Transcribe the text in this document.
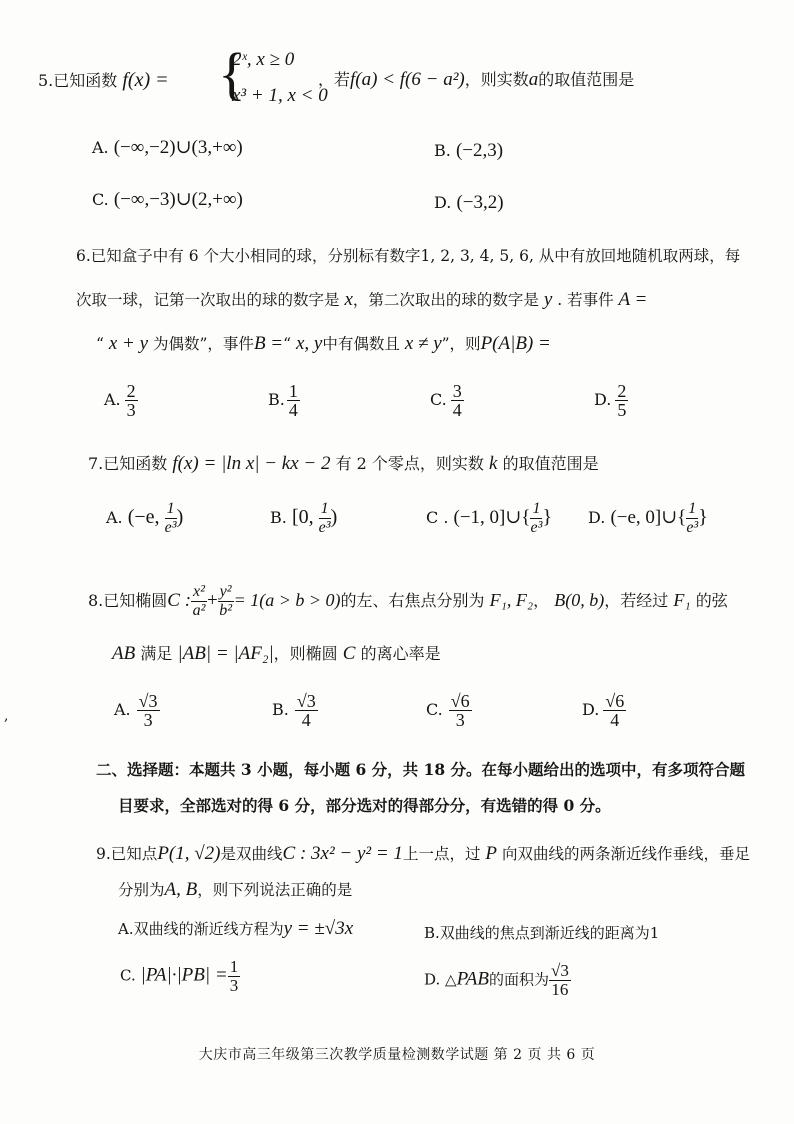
5.已知函数 f(x) = {
2ˣ, x ≥ 0
x³ + 1, x < 0
，若f(a) < f(6 − a²)，则实数a的取值范围是
A. (−∞,−2)∪(3,+∞)	B. (−2,3)
C. (−∞,−3)∪(2,+∞)	D. (−3,2)
6.已知盒子中有 6 个大小相同的球，分别标有数字1, 2, 3, 4, 5, 6, 从中有放回地随机取两球，每
次取一球，记第一次取出的球的数字是 x，第二次取出的球的数字是 y . 若事件 A =
“ x + y 为偶数”，事件B =“ x, y中有偶数且 x ≠ y”，则P(A|B) =
A. $\frac{2}{3}$	B. $\frac{1}{4}$	C. $\frac{3}{4}$	D. $\frac{2}{5}$
7.已知函数 f(x) = |ln x| − kx − 2 有 2 个零点，则实数 k 的取值范围是
A. (−e, $\frac{1}{\text{e³}}$ )	B. [0, $\frac{1}{\text{e³}}$ )	C . (−1, 0]∪{ $\frac{1}{\text{e³}}$ } D. (−e, 0]∪{ $\frac{1}{\text{e³}}$ }
8.已知椭圆C : $\frac{\text{x²}}{\text{a²}} + \frac{\text{y²}}{\text{b²}} = 1(a > b > 0)$的左、右焦点分别为 F₁, F₂， B(0, b)，若经过 F₁ 的弦
AB 满足 |AB| = |AF₂|，则椭圆 C 的离心率是
A. $\frac{√3}{3}$	B. $\frac{√3}{4}$	C. $\frac{√6}{3}$	D. $\frac{√6}{4}$
,
二、选择题：本题共 3 小题，每小题 6 分，共 18 分。在每小题给出的选项中，有多项符合题
目要求，全部选对的得 6 分，部分选对的得部分分，有选错的得 0 分。
9.已知点P(1, √2)是双曲线C : 3x² − y² = 1上一点，过 P 向双曲线的两条渐近线作垂线，垂足
分别为A, B，则下列说法正确的是
A.双曲线的渐近线方程为y = ±√3x	B.双曲线的焦点到渐近线的距离为1
C. $|PA|\cdot|PB| = \frac{1}{3}$	D. △PAB的面积为 $\frac{√3}{16}$
大庆市高三年级第三次教学质量检测数学试题 第 2 页 共 6 页
